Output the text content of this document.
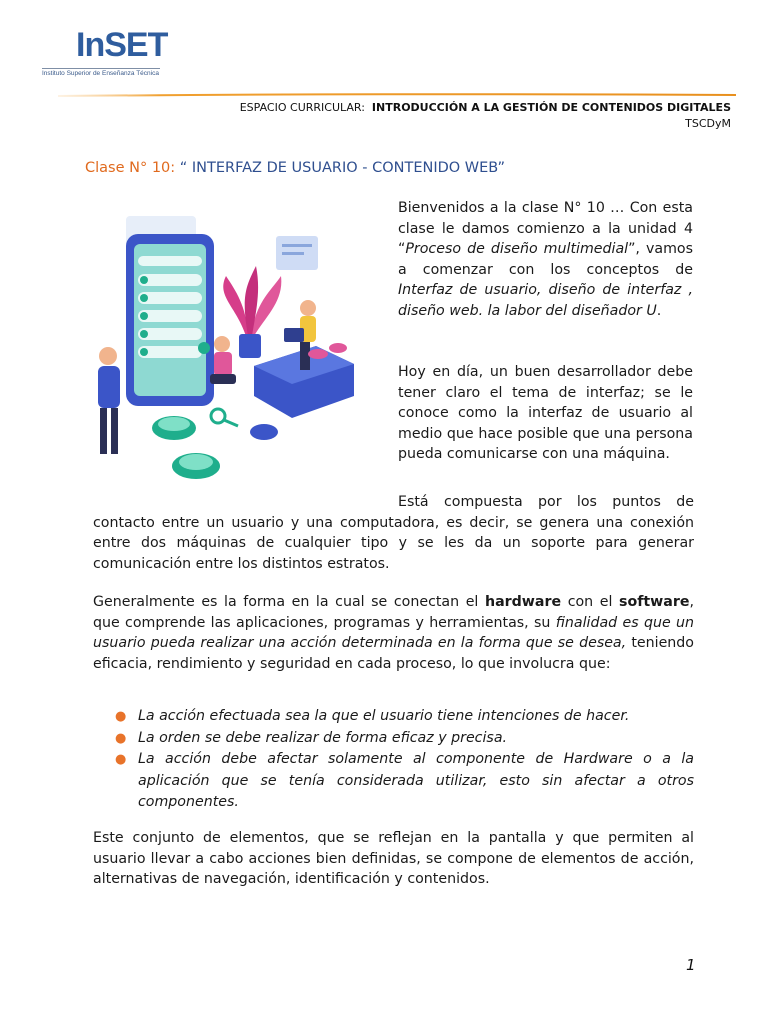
InSET
Instituto Superior de Enseñanza Técnica
ESPACIO CURRICULAR: INTRODUCCIÓN A LA GESTIÓN DE CONTENIDOS DIGITALES
TSCDyM
Clase N° 10: “ INTERFAZ DE USUARIO - CONTENIDO WEB”
Bienvenidos a la clase N° 10 … Con esta clase le damos comienzo a la unidad 4 “Proceso de diseño multimedial”, vamos a comenzar con los conceptos de Interfaz de usuario, diseño de interfaz , diseño web. la labor del diseñador U.
Hoy en día, un buen desarrollador debe tener claro el tema de interfaz; se le conoce como la interfaz de usuario al medio que hace posible que una persona pueda comunicarse con una máquina.
Está compuesta por los puntos de contacto entre un usuario y una computadora, es decir, se genera una conexión entre dos máquinas de cualquier tipo y se les da un soporte para generar comunicación entre los distintos estratos.
Generalmente es la forma en la cual se conectan el hardware con el software, que comprende las aplicaciones, programas y herramientas, su finalidad es que un usuario pueda realizar una acción determinada en la forma que se desea, teniendo eficacia, rendimiento y seguridad en cada proceso, lo que involucra que:
● La acción efectuada sea la que el usuario tiene intenciones de hacer.
● La orden se debe realizar de forma eficaz y precisa.
● La acción debe afectar solamente al componente de Hardware o a la aplicación que se tenía considerada utilizar, esto sin afectar a otros componentes.
Este conjunto de elementos, que se reflejan en la pantalla y que permiten al usuario llevar a cabo acciones bien definidas, se compone de elementos de acción, alternativas de navegación, identificación y contenidos.
1
